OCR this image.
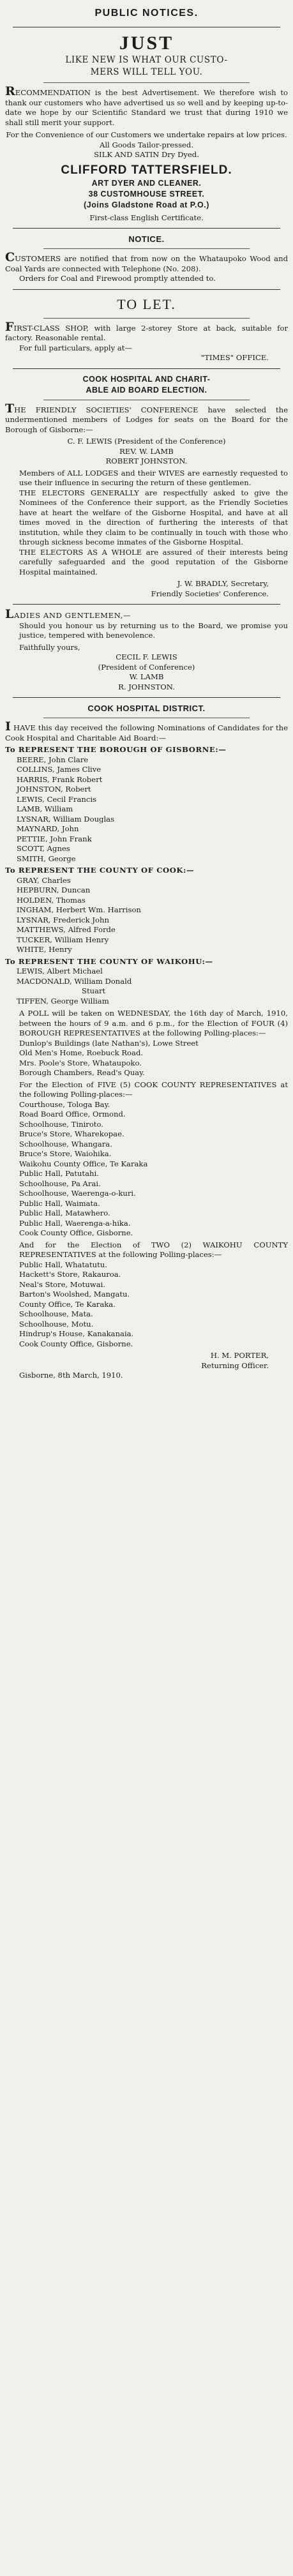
PUBLIC NOTICES.
JUST

LIKE NEW IS WHAT OUR CUSTO-

MERS WILL TELL YOU.

RECOMMENDATION is the best Advertisement. We therefore wish to thank our customers who have advertised us so well and by keeping up-to-date we hope by our Scientific Standard we trust that during 1910 we shall still merit your support.

For the Convenience of our Customers we undertake repairs at low prices.

All Goods Tailor-pressed.

SILK AND SATIN Dry Dyed.

CLIFFORD TATTERSFIELD.
ART DYER AND CLEANER.
38 CUSTOMHOUSE STREET.
(Joins Gladstone Road at P.O.)

First-class English Certificate.

NOTICE.

CUSTOMERS are notified that from now on the Whataupoko Wood and Coal Yards are connected with Telephone (No. 208).

Orders for Coal and Firewood promptly attended to.

TO LET.

FIRST-CLASS SHOP, with large 2-storey Store at back, suitable for factory. Reasonable rental.

For full particulars, apply at—

"TIMES" OFFICE.

COOK HOSPITAL AND CHARIT-
ABLE AID BOARD ELECTION.

THE FRIENDLY SOCIETIES' CONFERENCE have selected the undermentioned members of Lodges for seats on the Board for the Borough of Gisborne:—

C. F. LEWIS (President of the Conference)

REV. W. LAMB

ROBERT JOHNSTON.

Members of ALL LODGES and their WIVES are earnestly requested to use their influence in securing the return of these gentlemen.

THE ELECTORS GENERALLY are respectfully asked to give the Nominees of the Conference their support, as the Friendly Societies have at heart the welfare of the Gisborne Hospital, and have at all times moved in the direction of furthering the interests of that institution, while they claim to be continually in touch with those who through sickness become inmates of the Gisborne Hospital.

THE ELECTORS AS A WHOLE are assured of their interests being carefully safeguarded and the good reputation of the Gisborne Hospital maintained.

J. W. BRADLY, Secretary,

Friendly Societies' Conference.

LADIES AND GENTLEMEN,—

Should you honour us by returning us to the Board, we promise you justice, tempered with benevolence.

Faithfully yours,

CECIL F. LEWIS

(President of Conference)

W. LAMB

R. JOHNSTON.

COOK HOSPITAL DISTRICT.

I HAVE this day received the following Nominations of Candidates for the Cook Hospital and Charitable Aid Board:—

To REPRESENT THE BOROUGH OF GISBORNE:—

BEERE, John Clare

COLLINS, James Clive

HARRIS, Frank Robert

JOHNSTON, Robert

LEWIS, Cecil Francis

LAMB, William

LYSNAR, William Douglas

MAYNARD, John

PETTIE, John Frank

SCOTT, Agnes

SMITH, George

To REPRESENT THE COUNTY OF COOK:—

GRAY, Charles

HEPBURN, Duncan

HOLDEN, Thomas

INGHAM, Herbert Wm. Harrison

LYSNAR, Frederick John

MATTHEWS, Alfred Forde

TUCKER, William Henry

WHITE, Henry

To REPRESENT THE COUNTY OF WAIKOHU:—

LEWIS, Albert Michael

MACDONALD, William Donald

Stuart

TIFFEN, George William

A POLL will be taken on WEDNESDAY, the 16th day of March, 1910, between the hours of 9 a.m. and 6 p.m., for the Election of FOUR (4) BOROUGH REPRESENTATIVES at the following Polling-places:—

Dunlop's Buildings (late Nathan's), Lowe Street

Old Men's Home, Roebuck Road.

Mrs. Poole's Store, Whataupoko.

Borough Chambers, Read's Quay.

For the Election of FIVE (5) COOK COUNTY REPRESENTATIVES at the following Polling-places:—

Courthouse, Tologa Bay.

Road Board Office, Ormond.

Schoolhouse, Tiniroto.

Bruce's Store, Wharekopae.

Schoolhouse, Whangara.

Bruce's Store, Waiohika.

Waikohu County Office, Te Karaka

Public Hall, Patutahi.

Schoolhouse, Pa Arai.

Schoolhouse, Waerenga-o-kuri.

Public Hall, Waimata.

Public Hall, Matawhero.

Public Hall, Waerenga-a-hika.

Cook County Office, Gisborne.

And for the Election of TWO (2) WAIKOHU COUNTY REPRESENTATIVES at the following Polling-places:—

Public Hall, Whatatutu.

Hackett's Store, Rakauroa.

Neal's Store, Motuwai.

Barton's Woolshed, Mangatu.

County Office, Te Karaka.

Schoolhouse, Mata.

Schoolhouse, Motu.

Hindrup's House, Kanakanaia.

Cook County Office, Gisborne.

H. M. PORTER,

Returning Officer.

Gisborne, 8th March, 1910.
